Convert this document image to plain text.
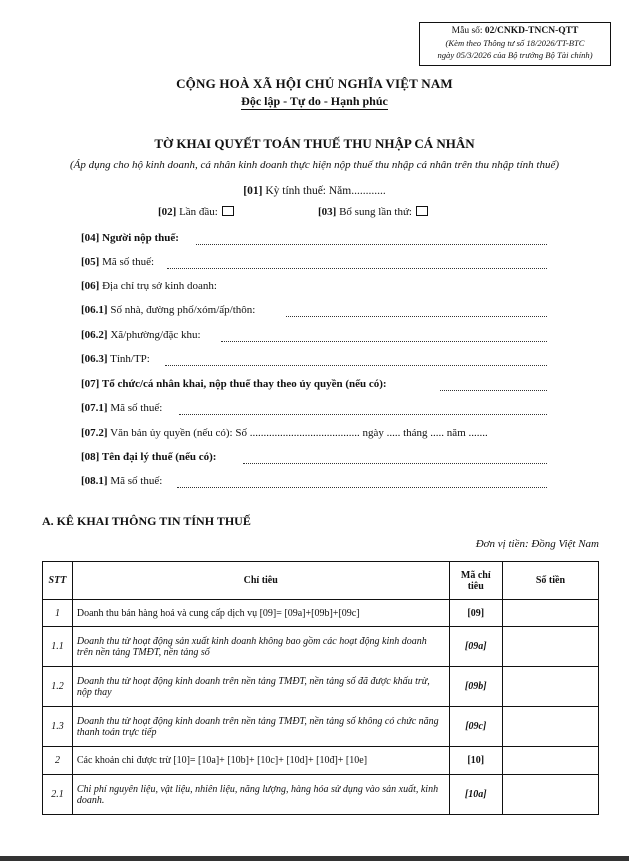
Mẫu số: 02/CNKD-TNCN-QTT
(Kèm theo Thông tư số 18/2026/TT-BTC
ngày 05/3/2026 của Bộ trưởng Bộ Tài chính)
CỘNG HOÀ XÃ HỘI CHỦ NGHĨA VIỆT NAM
Độc lập - Tự do - Hạnh phúc
TỜ KHAI QUYẾT TOÁN THUẾ THU NHẬP CÁ NHÂN
(Áp dụng cho hộ kinh doanh, cá nhân kinh doanh thực hiện nộp thuế thu nhập cá nhân trên thu nhập tính thuế)
[01] Kỳ tính thuế: Năm............
[02] Lần đầu:	[03] Bổ sung lần thứ:
[04] Người nộp thuế:
[05] Mã số thuế:
[06] Địa chỉ trụ sở kinh doanh:
[06.1] Số nhà, đường phố/xóm/ấp/thôn:
[06.2] Xã/phường/đặc khu:
[06.3] Tỉnh/TP:
[07] Tổ chức/cá nhân khai, nộp thuế thay theo ủy quyền (nếu có):
[07.1] Mã số thuế:
[07.2] Văn bản ủy quyền (nếu có): Số ........................................ ngày ..... tháng ..... năm .......
[08] Tên đại lý thuế (nếu có):
[08.1] Mã số thuế:
A. KÊ KHAI THÔNG TIN TÍNH THUẾ
Đơn vị tiền: Đồng Việt Nam
STT	Chỉ tiêu	Mã chỉ tiêu	Số tiền
1	Doanh thu bán hàng hoá và cung cấp dịch vụ [09]= [09a]+[09b]+[09c]	[09]	
1.1	Doanh thu từ hoạt động sản xuất kinh doanh không bao gồm các hoạt động kinh doanh trên nền tảng TMĐT, nền tảng số	[09a]	
1.2	Doanh thu từ hoạt động kinh doanh trên nền tảng TMĐT, nền tảng số đã được khấu trừ, nộp thay	[09b]	
1.3	Doanh thu từ hoạt động kinh doanh trên nền tảng TMĐT, nền tảng số không có chức năng thanh toán trực tiếp	[09c]	
2	Các khoản chi được trừ [10]= [10a]+ [10b]+ [10c]+ [10d]+ [10đ]+ [10e]	[10]	
2.1	Chi phí nguyên liệu, vật liệu, nhiên liệu, năng lượng, hàng hóa sử dụng vào sản xuất, kinh doanh.	[10a]	
